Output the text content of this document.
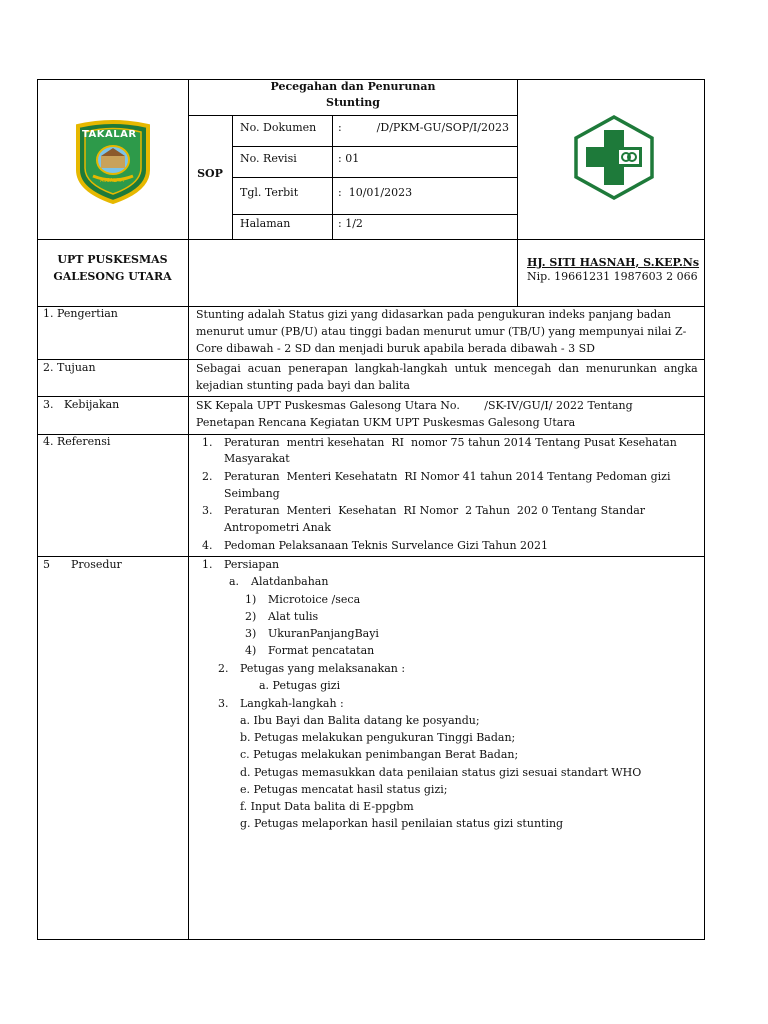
TAKALAR
ASSALAM
Pecegahan dan Penurunan
Stunting
SOP
No. Dokumen :          /D/PKM-GU/SOP/I/2023
No. Revisi	: 01
Tgl. Terbit	:  10/01/2023
Halaman	: 1/2
UPT PUSKESMAS
GALESONG UTARA
HJ. SITI HASNAH, S.KEP.Ns
Nip. 19661231 1987603 2 066
1. Pengertian	Stunting adalah Status gizi yang didasarkan pada pengukuran indeks panjang badan
menurut umur (PB/U) atau tinggi badan menurut umur (TB/U) yang mempunyai nilai Z-
Core dibawah - 2 SD dan menjadi buruk apabila berada dibawah - 3 SD
2. Tujuan	Sebagai  acuan  penerapan  langkah-langkah  untuk  mencegah  dan  menurunkan  angka
kejadian stunting pada bayi dan balita
3.   Kebijakan	SK Kepala UPT Puskesmas Galesong Utara No.       /SK-IV/GU/I/ 2022 Tentang
Penetapan Rencana Kegiatan UKM UPT Puskesmas Galesong Utara
4. Referensi	1. Peraturan  mentri kesehatan  RI  nomor 75 tahun 2014 Tentang Pusat Kesehatan
Masyarakat
2. Peraturan  Menteri Kesehatatn  RI Nomor 41 tahun 2014 Tentang Pedoman gizi
Seimbang
3. Peraturan  Menteri  Kesehatan  RI Nomor  2 Tahun  202 0 Tentang Standar
Antropometri Anak
4. Pedoman Pelaksanaan Teknis Survelance Gizi Tahun 2021
5      Prosedur	1. Persiapan
a. Alatdanbahan
1) Microtoice /seca
2) Alat tulis
3) UkuranPanjangBayi
4) Format pencatatan
2. Petugas yang melaksanakan :
a. Petugas gizi
3. Langkah-langkah :
a. Ibu Bayi dan Balita datang ke posyandu;
b. Petugas melakukan pengukuran Tinggi Badan;
c. Petugas melakukan penimbangan Berat Badan;
d. Petugas memasukkan data penilaian status gizi sesuai standart WHO
e. Petugas mencatat hasil status gizi;
f. Input Data balita di E-ppgbm
g. Petugas melaporkan hasil penilaian status gizi stunting
